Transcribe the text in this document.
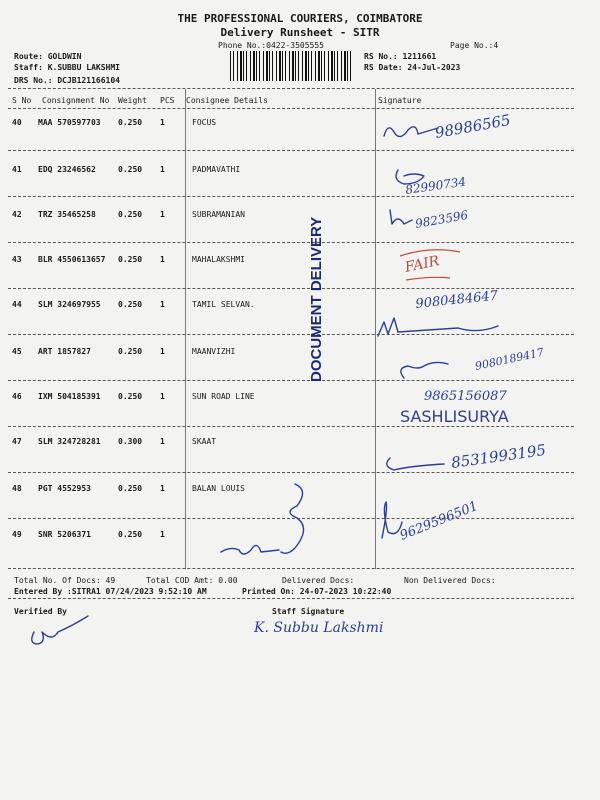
THE PROFESSIONAL COURIERS, COIMBATORE
Delivery Runsheet - SITR
Phone No.:0422-3505555	Page No.:4
Route: GOLDWIN
Staff: K.SUBBU LAKSHMI
DRS No.: DCJB121166104
RS No.: 1211661
RS Date: 24-Jul-2023
S No Consignment No Weight PCS Consignee Details	Signature
40 MAA 570597703 0.250 1	FOCUS
41 EDQ 23246562	0.250 1	PADMAVATHI
42 TRZ 35465258	0.250 1	SUBRAMANIAN
43 BLR 4550613657 0.250 1	MAHALAKSHMI
44 SLM 324697955 0.250 1	TAMIL SELVAN.
45 ART 1857827	0.250 1	MAANVIZHI
46 IXM 504185391 0.250 1	SUN ROAD LINE
47 SLM 324728281 0.300 1	SKAAT
48 PGT 4552953	0.250 1	BALAN LOUIS
49 SNR 5206371	0.250 1
DOCUMENT DELIVERY
98986565
82990734
9823596
FAIR
9080484647
9080189417
9865156087
SASHLISURYA
8531993195
9629596501
Total No. Of Docs: 49	Total COD Amt: 0.00	Delivered Docs:	Non Delivered Docs:
Entered By :SITRA1 07/24/2023 9:52:10 AM	Printed On: 24-07-2023 10:22:40
Verified By	Staff Signature
K. Subbu Lakshmi
